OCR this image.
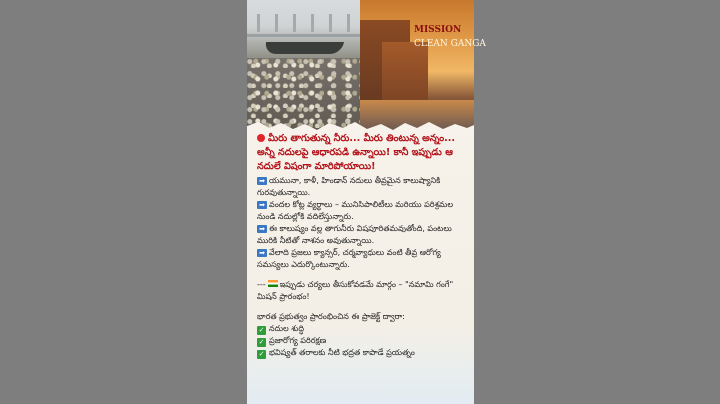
MISSION
CLEAN GANGA

మీరు తాగుతున్న నీరు... మీరు తింటున్న అన్నం... అన్నీ నదులపై ఆధారపడి ఉన్నాయి! కానీ ఇప్పుడు ఆ నదులే విషంగా మారిపోయాయి!

➡ యమునా, కాళీ, హిండాన్ నదులు తీవ్రమైన కాలుష్యానికి గురవుతున్నాయి.

➡ వందల కోట్ల వ్యర్థాలు – మునిసిపాలిటీలు మరియు పరిశ్రమల నుండి నదుల్లోకి వదిలేస్తున్నారు.

➡ ఈ కాలుష్యం వల్ల తాగునీరు విషపూరితమవుతోంది, పంటలు మురికి నీటితో నాశనం అవుతున్నాయి.

➡ వేలాది ప్రజలు క్యాన్సర్, చర్మవ్యాధులు వంటి తీవ్ర ఆరోగ్య సమస్యలు ఎదుర్కొంటున్నారు.

--- ఇప్పుడు చర్యలు తీసుకోవడమే మార్గం – "నమామి గంగే" మిషన్ ప్రారంభం!

భారత ప్రభుత్వం ప్రారంభించిన ఈ ప్రాజెక్ట్ ద్వారా:

✓ నదుల శుద్ధి

✓ ప్రజారోగ్య పరిరక్షణ

✓ భవిష్యత్ తరాలకు నీటి భద్రత కాపాడే ప్రయత్నం
